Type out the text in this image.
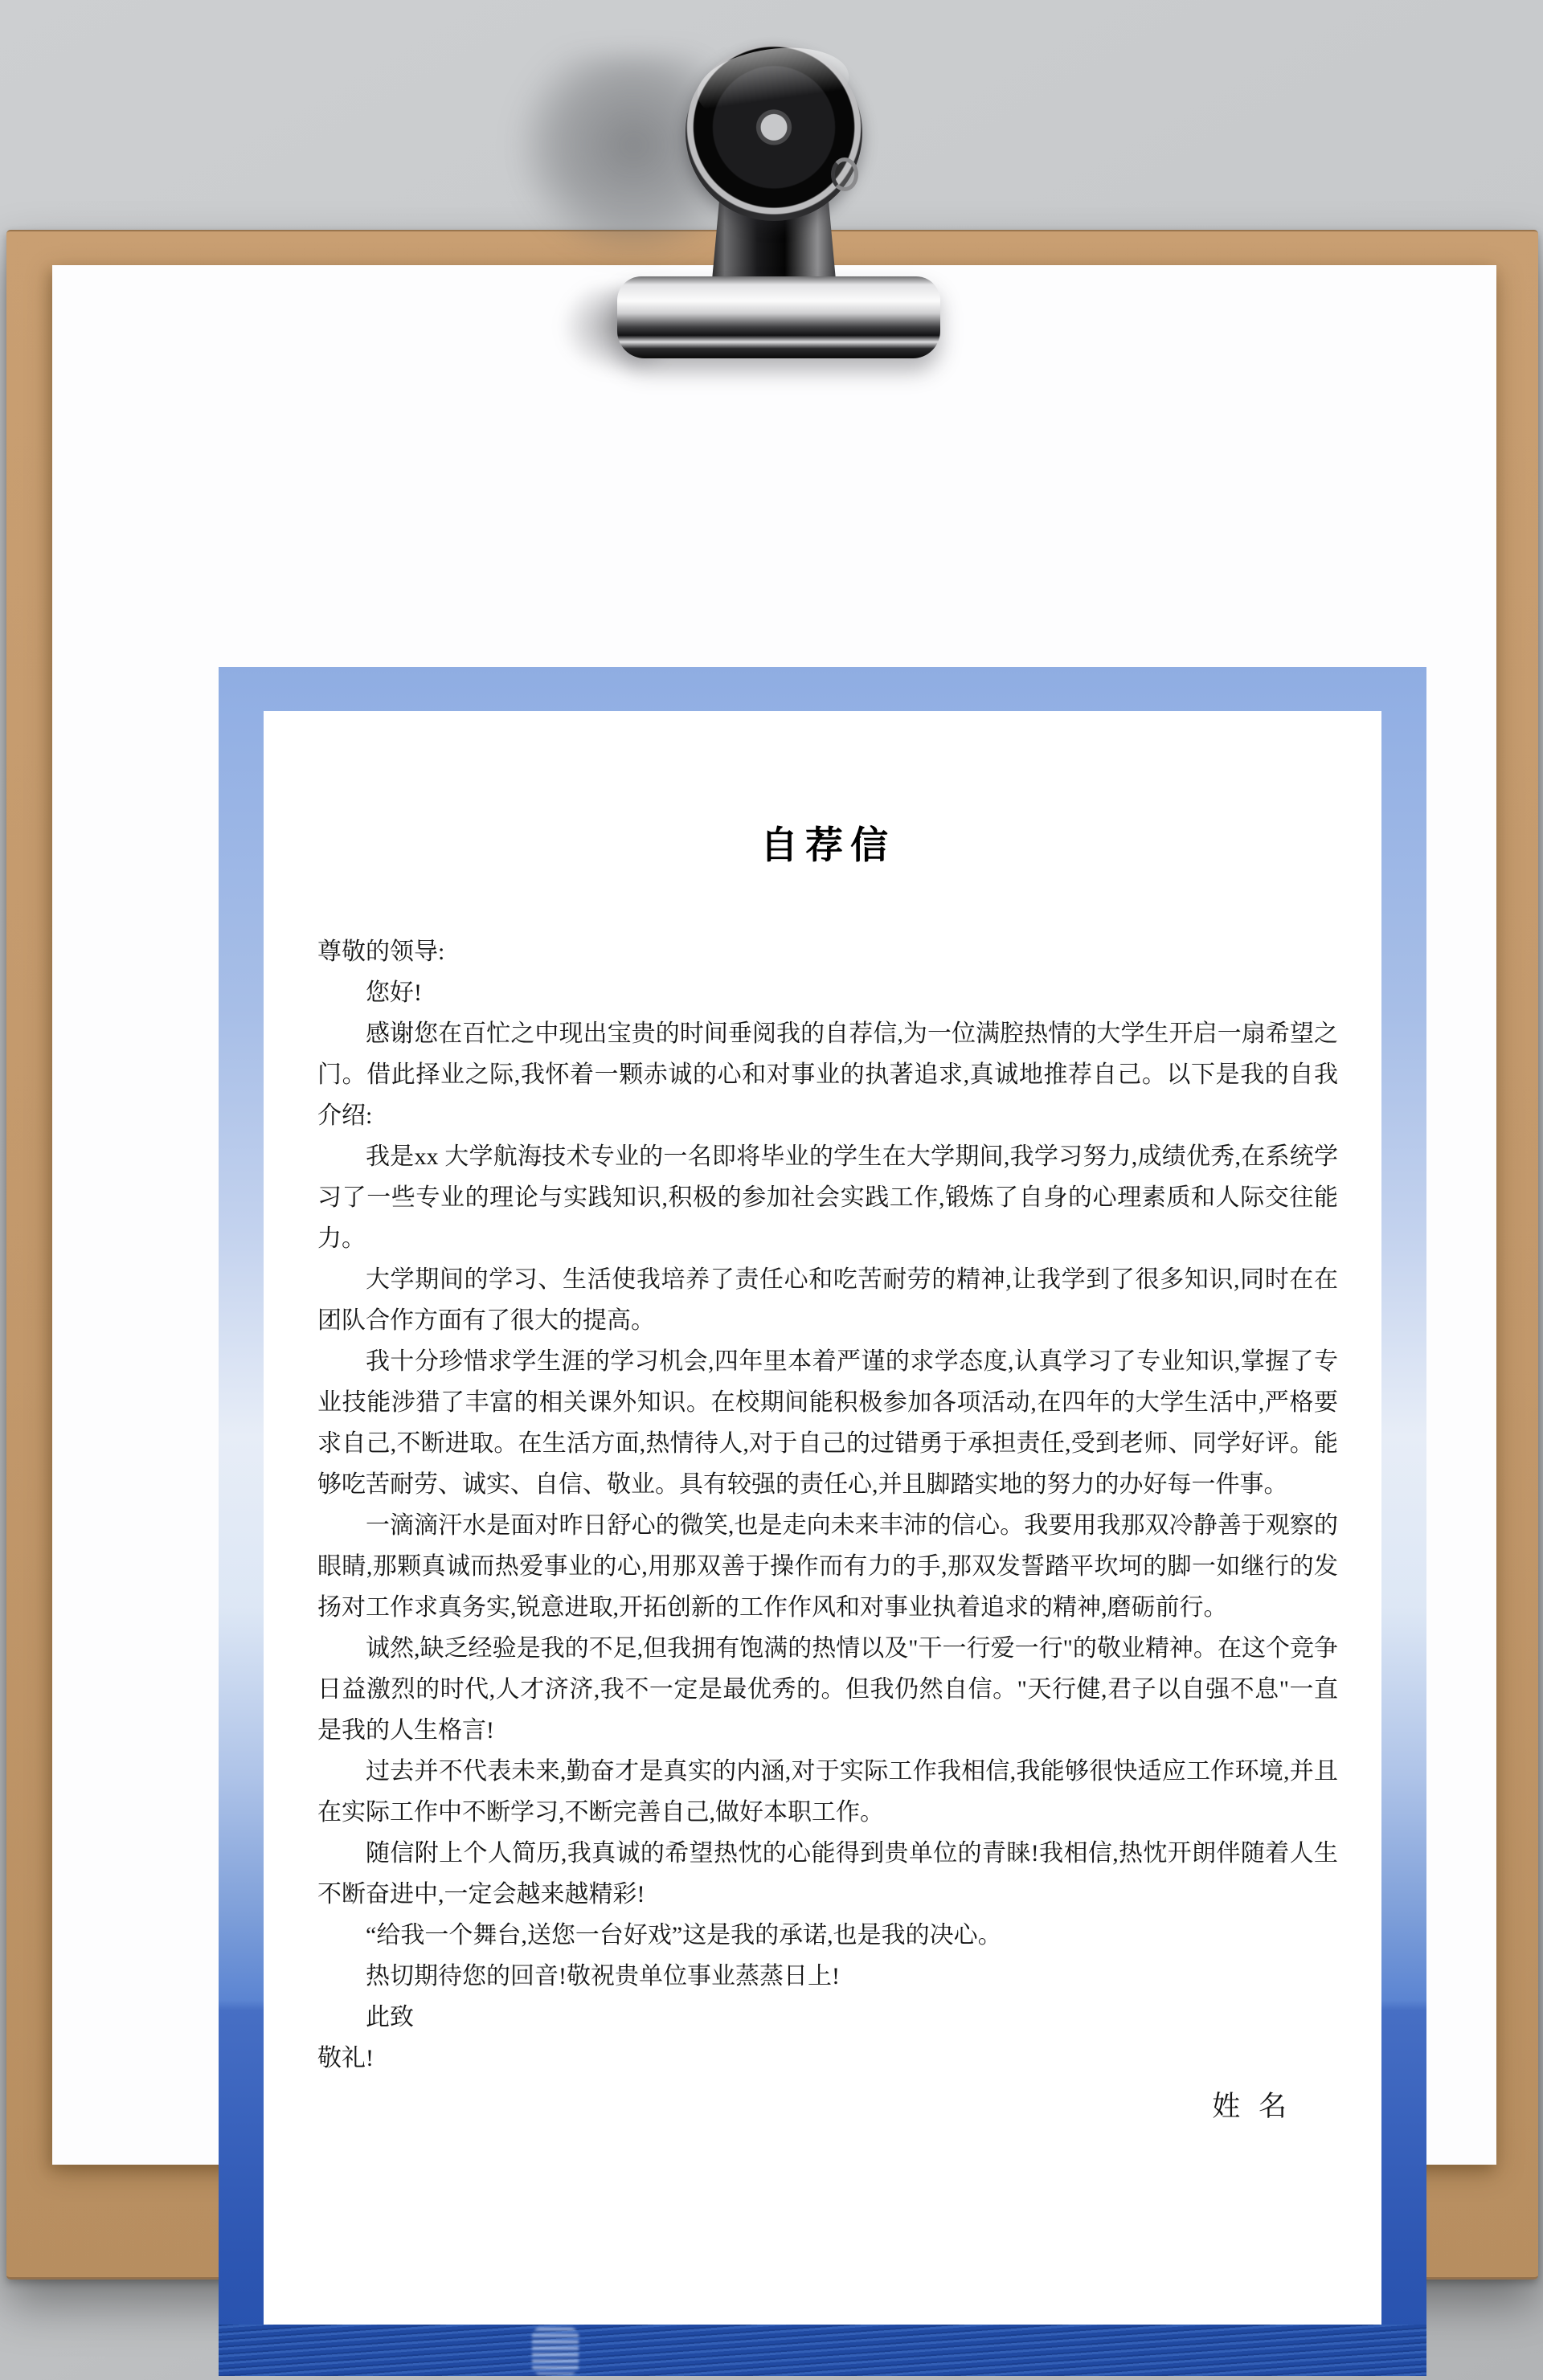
自荐信

尊敬的领导:

您好!

感谢您在百忙之中现出宝贵的时间垂阅我的自荐信,为一位满腔热情的大学生开启一扇希望之门。借此择业之际,我怀着一颗赤诚的心和对事业的执著追求,真诚地推荐自己。以下是我的自我介绍:

我是xx 大学航海技术专业的一名即将毕业的学生在大学期间,我学习努力,成绩优秀,在系统学习了一些专业的理论与实践知识,积极的参加社会实践工作,锻炼了自身的心理素质和人际交往能力。

大学期间的学习、生活使我培养了责任心和吃苦耐劳的精神,让我学到了很多知识,同时在在团队合作方面有了很大的提高。

我十分珍惜求学生涯的学习机会,四年里本着严谨的求学态度,认真学习了专业知识,掌握了专业技能涉猎了丰富的相关课外知识。在校期间能积极参加各项活动,在四年的大学生活中,严格要求自己,不断进取。在生活方面,热情待人,对于自己的过错勇于承担责任,受到老师、同学好评。能够吃苦耐劳、诚实、自信、敬业。具有较强的责任心,并且脚踏实地的努力的办好每一件事。

一滴滴汗水是面对昨日舒心的微笑,也是走向未来丰沛的信心。我要用我那双冷静善于观察的眼睛,那颗真诚而热爱事业的心,用那双善于操作而有力的手,那双发誓踏平坎坷的脚一如继行的发扬对工作求真务实,锐意进取,开拓创新的工作作风和对事业执着追求的精神,磨砺前行。

诚然,缺乏经验是我的不足,但我拥有饱满的热情以及"干一行爱一行"的敬业精神。在这个竞争日益激烈的时代,人才济济,我不一定是最优秀的。但我仍然自信。"天行健,君子以自强不息"一直是我的人生格言!

过去并不代表未来,勤奋才是真实的内涵,对于实际工作我相信,我能够很快适应工作环境,并且在实际工作中不断学习,不断完善自己,做好本职工作。

随信附上个人简历,我真诚的希望热忱的心能得到贵单位的青睐!我相信,热忱开朗伴随着人生不断奋进中,一定会越来越精彩!

“给我一个舞台,送您一台好戏”这是我的承诺,也是我的决心。

热切期待您的回音!敬祝贵单位事业蒸蒸日上!

此致

敬礼!

姓 名
